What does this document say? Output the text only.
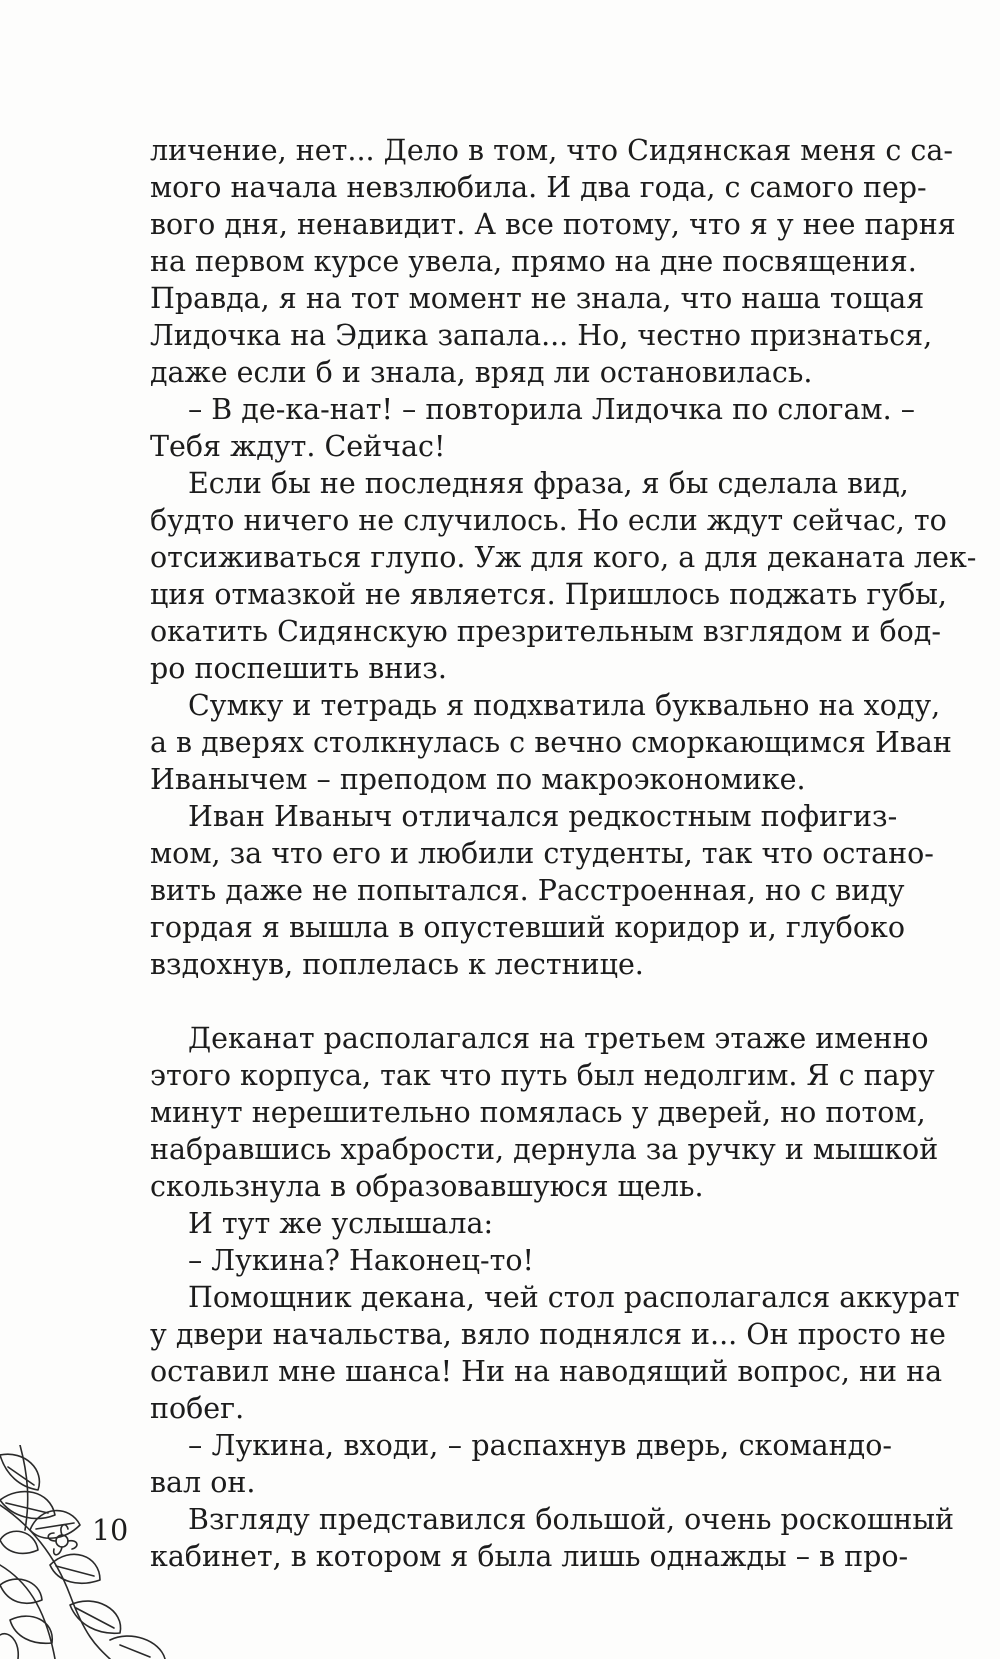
личение, нет... Дело в том, что Сидянская меня с са-
мого начала невзлюбила. И два года, с самого пер-
вого дня, ненавидит. А все потому, что я у нее парня
на первом курсе увела, прямо на дне посвящения.
Правда, я на тот момент не знала, что наша тощая
Лидочка на Эдика запала... Но, честно признаться,
даже если б и знала, вряд ли остановилась.
– В де-ка-нат! – повторила Лидочка по слогам. –
Тебя ждут. Сейчас!
Если бы не последняя фраза, я бы сделала вид,
будто ничего не случилось. Но если ждут сейчас, то
отсиживаться глупо. Уж для кого, а для деканата лек-
ция отмазкой не является. Пришлось поджать губы,
окатить Сидянскую презрительным взглядом и бод-
ро поспешить вниз.
Сумку и тетрадь я подхватила буквально на ходу,
а в дверях столкнулась с вечно сморкающимся Иван
Иванычем – преподом по макроэкономике.
Иван Иваныч отличался редкостным пофигиз-
мом, за что его и любили студенты, так что остано-
вить даже не попытался. Расстроенная, но с виду
гордая я вышла в опустевший коридор и, глубоко
вздохнув, поплелась к лестнице.
Деканат располагался на третьем этаже именно
этого корпуса, так что путь был недолгим. Я с пару
минут нерешительно помялась у дверей, но потом,
набравшись храбрости, дернула за ручку и мышкой
скользнула в образовавшуюся щель.
И тут же услышала:
– Лукина? Наконец-то!
Помощник декана, чей стол располагался аккурат
у двери начальства, вяло поднялся и... Он просто не
оставил мне шанса! Ни на наводящий вопрос, ни на
побег.
– Лукина, входи, – распахнув дверь, скомандо-
вал он.
Взгляду представился большой, очень роскошный
кабинет, в котором я была лишь однажды – в про-
10
